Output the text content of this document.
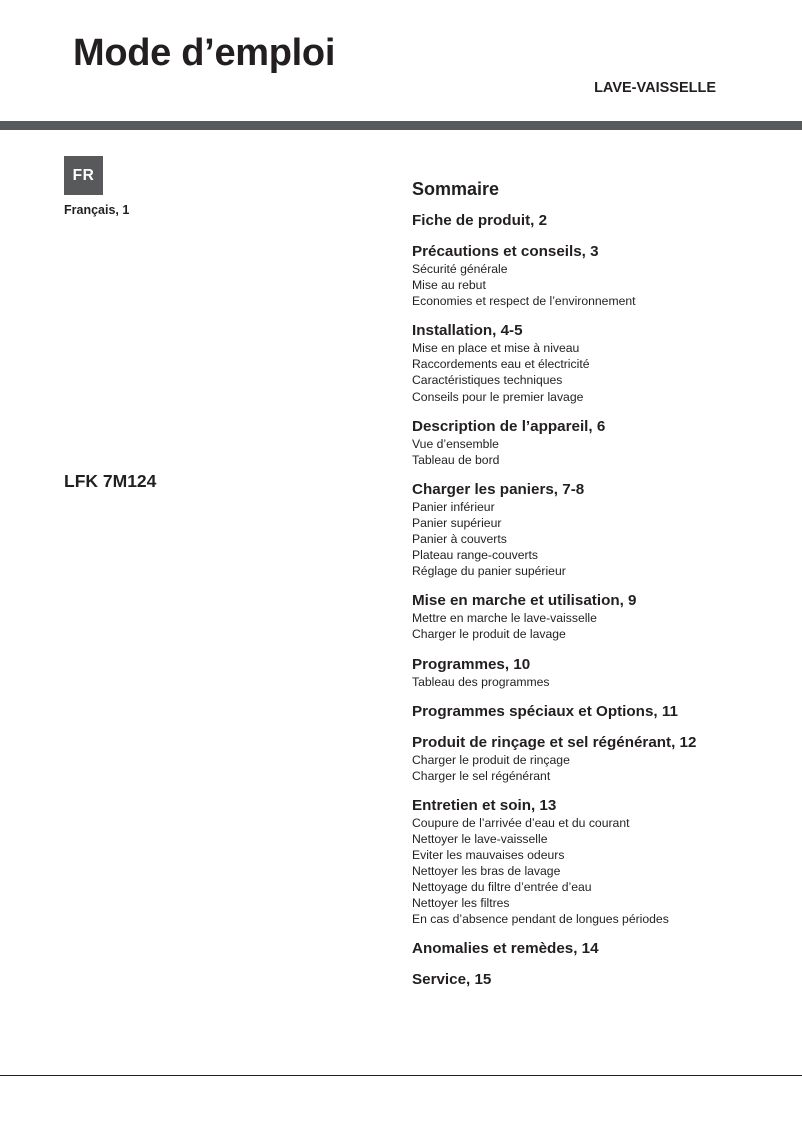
Mode d’emploi
LAVE-VAISSELLE
FR
Français, 1
LFK 7M124
Sommaire
Fiche de produit, 2
Précautions et conseils, 3
Sécurité générale
Mise au rebut
Economies et respect de l’environnement
Installation, 4-5
Mise en place et mise à niveau
Raccordements eau et électricité
Caractéristiques techniques
Conseils pour le premier lavage
Description de l’appareil, 6
Vue d’ensemble
Tableau de bord
Charger les paniers, 7-8
Panier inférieur
Panier supérieur
Panier à couverts
Plateau range-couverts
Réglage du panier supérieur
Mise en marche et utilisation, 9
Mettre en marche le lave-vaisselle
Charger le produit de lavage
Programmes, 10
Tableau des programmes
Programmes spéciaux et Options, 11
Produit de rinçage et sel régénérant, 12
Charger le produit de rinçage
Charger le sel régénérant
Entretien et soin, 13
Coupure de l’arrivée d’eau et du courant
Nettoyer le lave-vaisselle
Eviter les mauvaises odeurs
Nettoyer les bras de lavage
Nettoyage du filtre d’entrée d’eau
Nettoyer les filtres
En cas d’absence pendant de longues périodes
Anomalies et remèdes, 14
Service, 15
